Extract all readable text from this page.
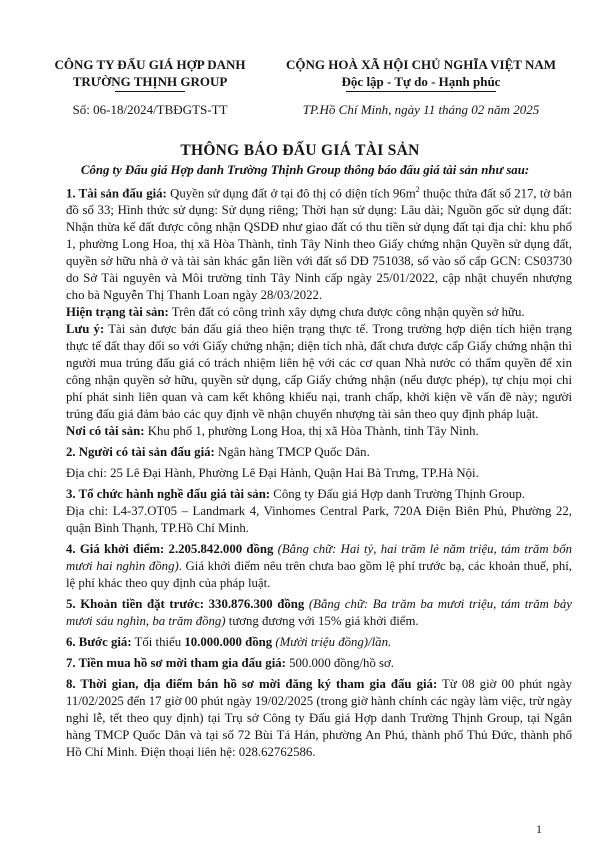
CÔNG TY ĐẤU GIÁ HỢP DANH
TRƯỜNG THỊNH GROUP
Số: 06-18/2024/TBĐGTS-TT
CỘNG HOÀ XÃ HỘI CHỦ NGHĨA VIỆT NAM
Độc lập - Tự do - Hạnh phúc
TP.Hồ Chí Minh, ngày 11 tháng 02 năm 2025
THÔNG BÁO ĐẤU GIÁ TÀI SẢN
Công ty Đấu giá Hợp danh Trường Thịnh Group thông báo đấu giá tài sản như sau:

1. Tài sản đấu giá: Quyền sử dụng đất ở tại đô thị có diện tích $96m^2$ thuộc thửa đất số 217, tờ bản đồ số 33; Hình thức sử dụng: Sử dụng riêng; Thời hạn sử dụng: Lâu dài; Nguồn gốc sử dụng đất: Nhận thừa kế đất được công nhận QSDĐ như giao đất có thu tiền sử dụng đất tại địa chỉ: khu phố 1, phường Long Hoa, thị xã Hòa Thành, tỉnh Tây Ninh theo Giấy chứng nhận Quyền sử dụng đất, quyền sở hữu nhà ở và tài sản khác gắn liền với đất số DĐ 751038, số vào sổ cấp GCN: CS03730 do Sở Tài nguyên và Môi trường tỉnh Tây Ninh cấp ngày 25/01/2022, cập nhật chuyển nhượng cho bà Nguyễn Thị Thanh Loan ngày 28/03/2022.

Hiện trạng tài sản: Trên đất có công trình xây dựng chưa được công nhận quyền sở hữu.

Lưu ý: Tài sản được bán đấu giá theo hiện trạng thực tế. Trong trường hợp diện tích hiện trạng thực tế đất thay đổi so với Giấy chứng nhận; diện tích nhà, đất chưa được cấp Giấy chứng nhận thì người mua trúng đấu giá có trách nhiệm liên hệ với các cơ quan Nhà nước có thẩm quyền để xin công nhận quyền sở hữu, quyền sử dụng, cấp Giấy chứng nhận (nếu được phép), tự chịu mọi chi phí phát sinh liên quan và cam kết không khiếu nại, tranh chấp, khởi kiện về vấn đề này; người trúng đấu giá đảm bảo các quy định về nhận chuyển nhượng tài sản theo quy định pháp luật.

Nơi có tài sản: Khu phố 1, phường Long Hoa, thị xã Hòa Thành, tỉnh Tây Ninh.

2. Người có tài sản đấu giá: Ngân hàng TMCP Quốc Dân.

Địa chỉ: 25 Lê Đại Hành, Phường Lê Đại Hành, Quận Hai Bà Trưng, TP.Hà Nội.

3. Tổ chức hành nghề đấu giá tài sản: Công ty Đấu giá Hợp danh Trường Thịnh Group.

Địa chỉ: L4-37.OT05 – Landmark 4, Vinhomes Central Park, 720A Điện Biên Phủ, Phường 22, quận Bình Thạnh, TP.Hồ Chí Minh.

4. Giá khởi điểm: 2.205.842.000 đồng (Bằng chữ: Hai tỷ, hai trăm lẻ năm triệu, tám trăm bốn mươi hai nghìn đồng). Giá khởi điểm nêu trên chưa bao gồm lệ phí trước bạ, các khoản thuế, phí, lệ phí khác theo quy định của pháp luật.

5. Khoản tiền đặt trước: 330.876.300 đồng (Bằng chữ: Ba trăm ba mươi triệu, tám trăm bảy mươi sáu nghìn, ba trăm đồng) tương đương với 15% giá khởi điểm.

6. Bước giá: Tối thiểu 10.000.000 đồng (Mười triệu đồng)/lần.

7. Tiền mua hồ sơ mời tham gia đấu giá: 500.000 đồng/hồ sơ.

8. Thời gian, địa điểm bán hồ sơ mời đăng ký tham gia đấu giá: Từ 08 giờ 00 phút ngày 11/02/2025 đến 17 giờ 00 phút ngày 19/02/2025 (trong giờ hành chính các ngày làm việc, trừ ngày nghỉ lễ, tết theo quy định) tại Trụ sở Công ty Đấu giá Hợp danh Trường Thịnh Group, tại Ngân hàng TMCP Quốc Dân và tại số 72 Bùi Tá Hán, phường An Phú, thành phố Thủ Đức, thành phố Hồ Chí Minh. Điện thoại liên hệ: 028.62762586.

1
